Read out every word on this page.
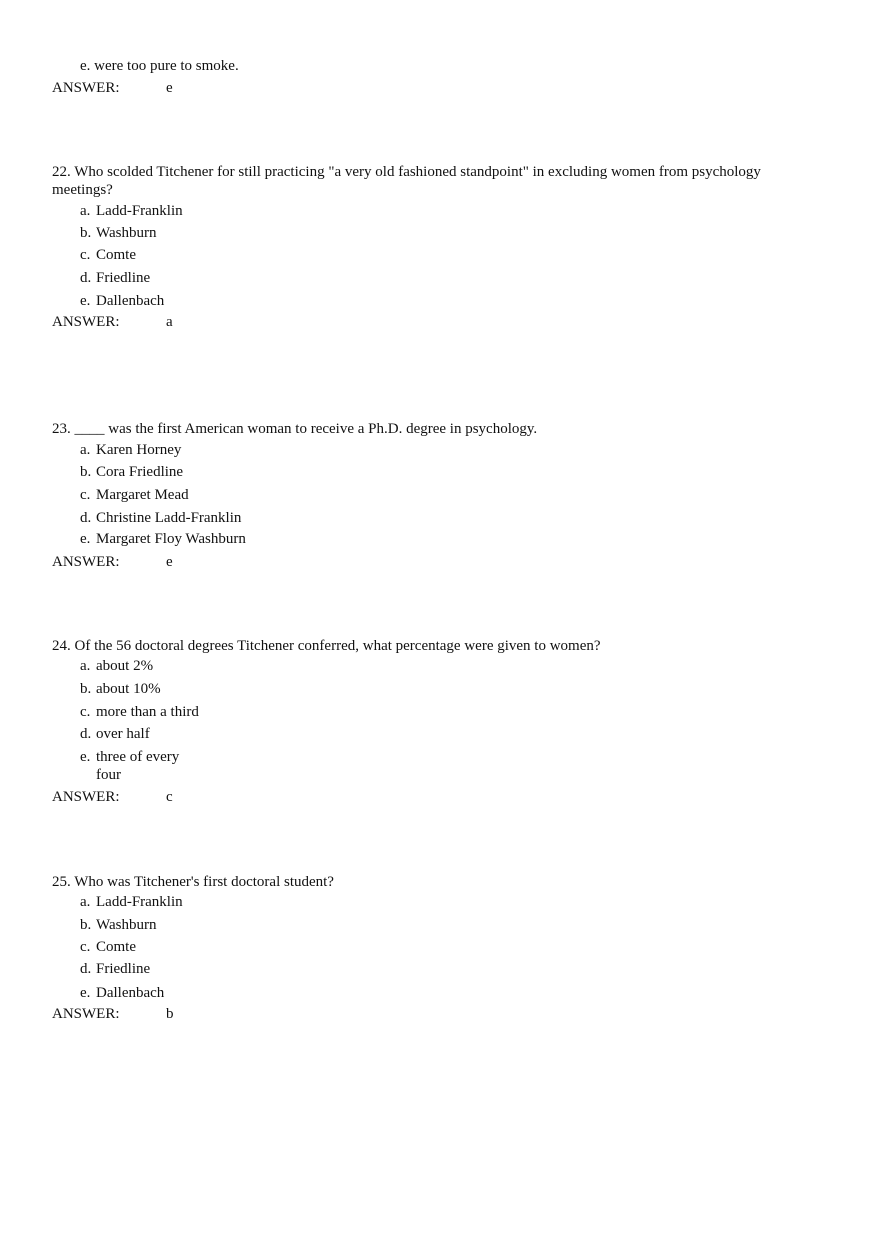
e. were too pure to smoke.
ANSWER:	e
22. Who scolded Titchener for still practicing "a very old fashioned standpoint" in excluding women from psychology meetings?
a. Ladd-Franklin
b. Washburn
c. Comte
d. Friedline
e. Dallenbach
ANSWER:	a
23. ____ was the first American woman to receive a Ph.D. degree in psychology.
a. Karen Horney
b. Cora Friedline
c. Margaret Mead
d. Christine Ladd-Franklin
e. Margaret Floy Washburn
ANSWER:	e
24. Of the 56 doctoral degrees Titchener conferred, what percentage were given to women?
a. about 2%
b. about 10%
c. more than a third
d. over half
e. three of every four
ANSWER:	c
25. Who was Titchener's first doctoral student?
a. Ladd-Franklin
b. Washburn
c. Comte
d. Friedline
e. Dallenbach
ANSWER:	b
